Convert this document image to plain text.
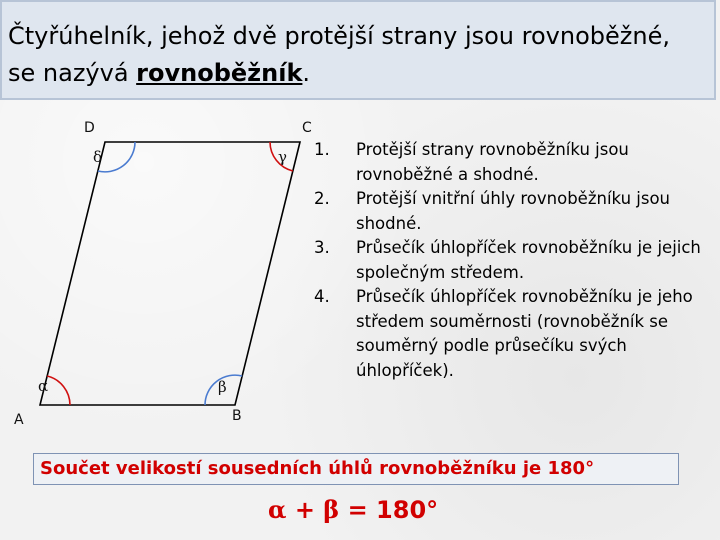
Čtyřúhelník, jehož dvě protější strany jsou rovnoběžné,
se nazývá rovnoběžník.
A	B
C
D
α	β
γ
δ	1. Protější strany rovnoběžníku jsou rovnoběžné a shodné.
2. Protější vnitřní úhly rovnoběžníku jsou shodné.
3. Průsečík úhlopříček rovnoběžníku je jejich společným středem.
4. Průsečík úhlopříček rovnoběžníku je jeho středem souměrnosti (rovnoběžník se souměrný podle průsečíku svých úhlopříček).
Součet velikostí sousedních úhlů rovnoběžníku je 180°
α + β = 180°
